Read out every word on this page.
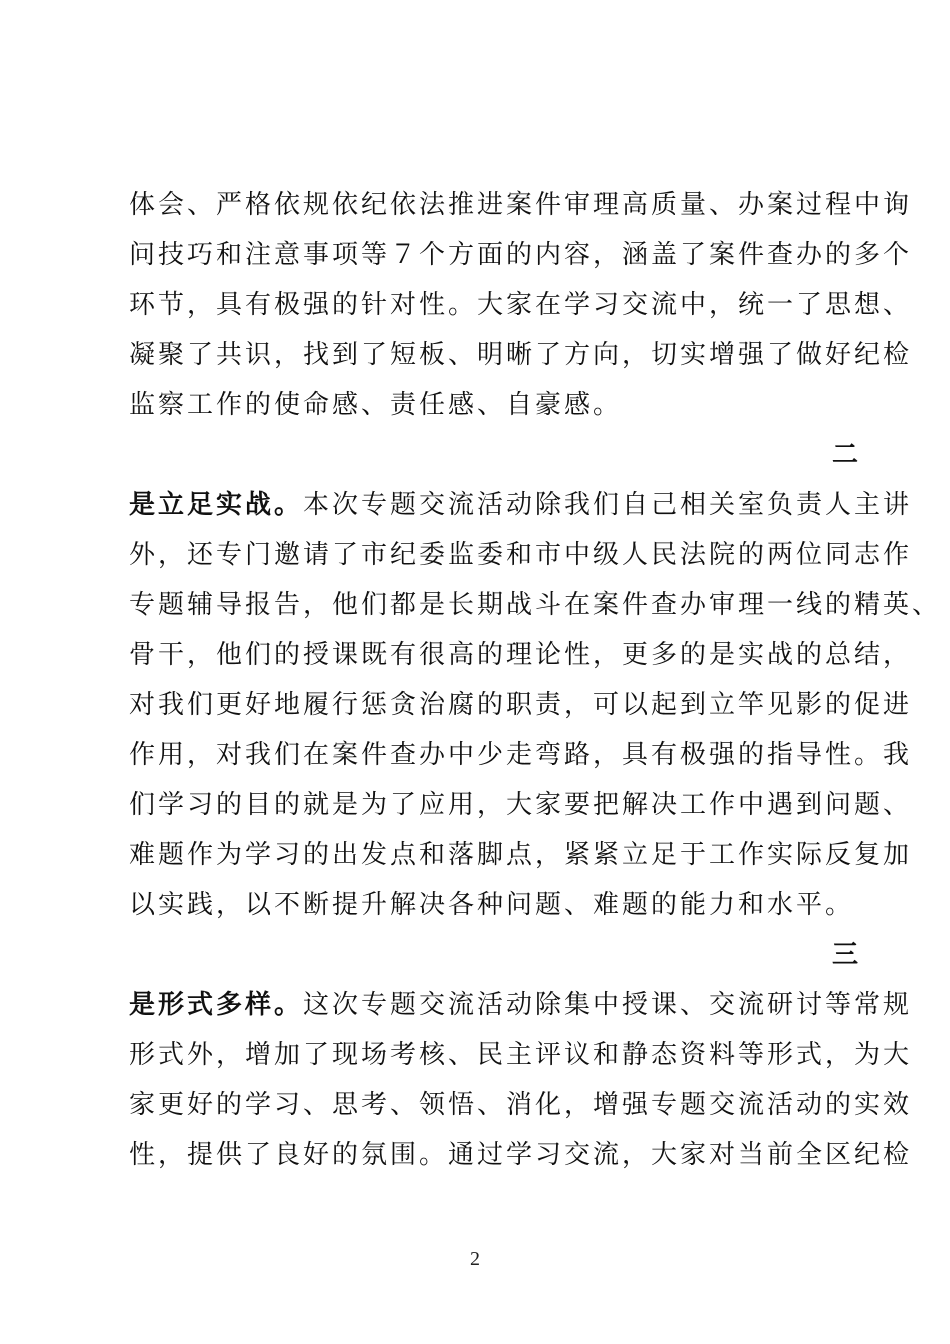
体会、严格依规依纪依法推进案件审理高质量、办案过程中询
问技巧和注意事项等７个方面的内容，涵盖了案件查办的多个
环节，具有极强的针对性。大家在学习交流中，统一了思想、
凝聚了共识，找到了短板、明晰了方向，切实增强了做好纪检
监察工作的使命感、责任感、自豪感。
二
是立足实战。本次专题交流活动除我们自己相关室负责人主讲
外，还专门邀请了市纪委监委和市中级人民法院的两位同志作
专题辅导报告，他们都是长期战斗在案件查办审理一线的精英、
骨干，他们的授课既有很高的理论性，更多的是实战的总结，
对我们更好地履行惩贪治腐的职责，可以起到立竿见影的促进
作用，对我们在案件查办中少走弯路，具有极强的指导性。我
们学习的目的就是为了应用，大家要把解决工作中遇到问题、
难题作为学习的出发点和落脚点，紧紧立足于工作实际反复加
以实践，以不断提升解决各种问题、难题的能力和水平。
三
是形式多样。这次专题交流活动除集中授课、交流研讨等常规
形式外，增加了现场考核、民主评议和静态资料等形式，为大
家更好的学习、思考、领悟、消化，增强专题交流活动的实效
性，提供了良好的氛围。通过学习交流，大家对当前全区纪检
2
